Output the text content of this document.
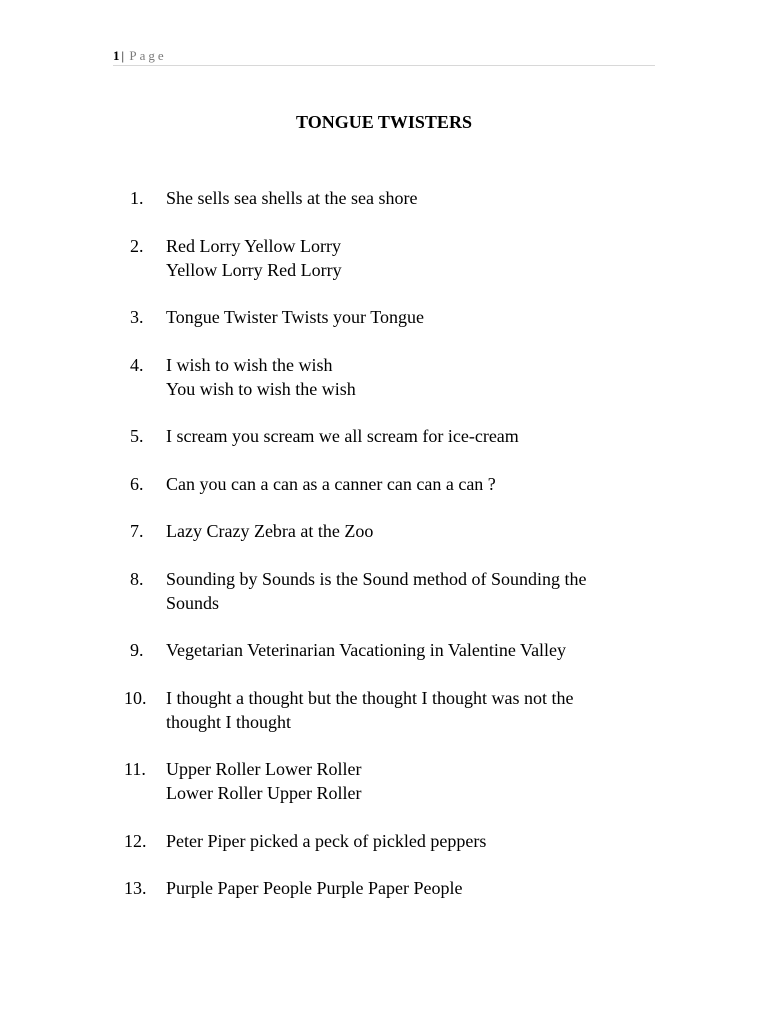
1 | Page
TONGUE TWISTERS
1.	She sells sea shells at the sea shore
2.	Red Lorry Yellow Lorry
Yellow Lorry Red Lorry
3.	Tongue Twister Twists your Tongue
4.	I wish to wish the wish
You wish to wish the wish
5.	I scream you scream we all scream for ice-cream
6.	Can you can a can as a canner can can a can ?
7.	Lazy Crazy Zebra at the Zoo
8.	Sounding by Sounds is the Sound method of Sounding the
Sounds
9.	Vegetarian Veterinarian Vacationing in Valentine Valley
10.	I thought a thought but the thought I thought was not the
thought I thought
11.	Upper Roller Lower Roller
Lower Roller Upper Roller
12.	Peter Piper picked a peck of pickled peppers
13.	Purple Paper People Purple Paper People
